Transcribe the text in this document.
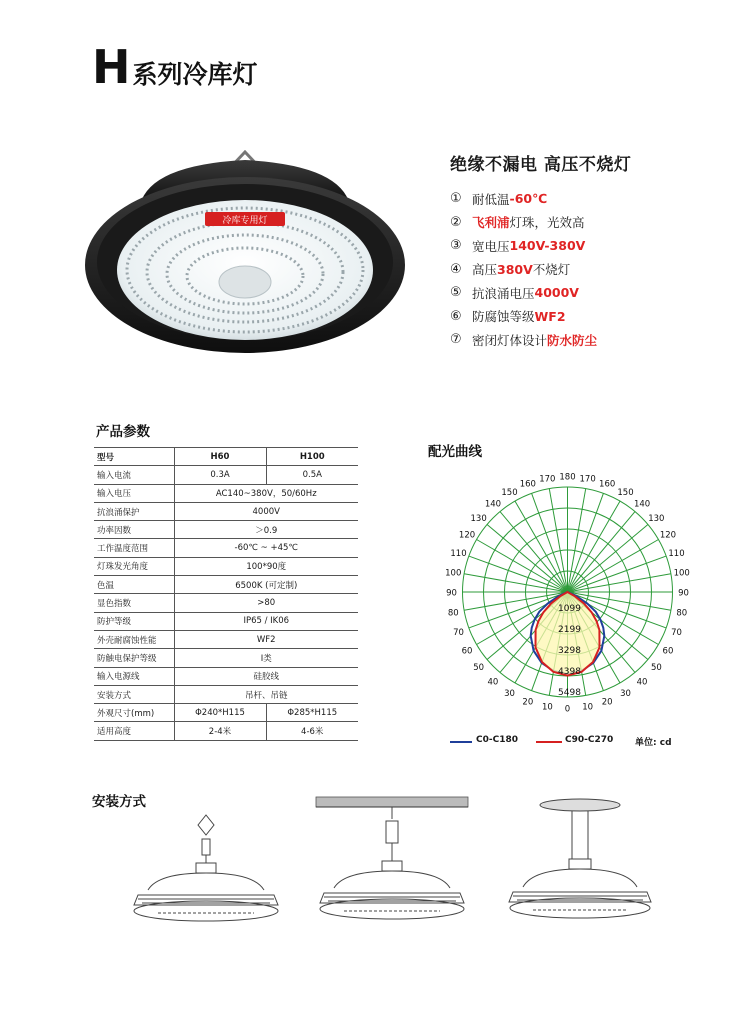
H 系列冷库灯
冷库专用灯
绝缘不漏电 高压不烧灯
① 耐低温 -60℃
② 飞利浦 灯珠，光效高
③ 宽电压 140V-380V
④ 高压 380V 不烧灯
⑤ 抗浪涌电压 4000V
⑥ 防腐蚀等级 WF2
⑦ 密闭灯体设计 防水防尘
产品参数
型号	H60	H100
输入电流	0.3A	0.5A
输入电压	AC140~380V，50/60Hz	
抗浪涌保护	4000V	
功率因数	＞0.9	
工作温度范围	-60℃ ~ +45℃	
灯珠发光角度	100*90度	
色温	6500K (可定制)	
显色指数	>80	
防护等级	IP65 / IK06	
外壳耐腐蚀性能	WF2	
防触电保护等级	I类	
输入电源线	硅胶线	
安装方式	吊杆、吊链	
外观尺寸(mm)	Φ240*H115	Φ285*H115
适用高度	2-4米	4-6米
配光曲线
0 10
10
20
20
30
30
40
40
50
50
60
60
70
70
80
80
90
90
100
100
110
110
120
120
130
130
140
140
150
150
160
160
170
170 180
1099
2199
3298
4398
5498
C0-C180	C90-C270 单位: cd
安装方式
